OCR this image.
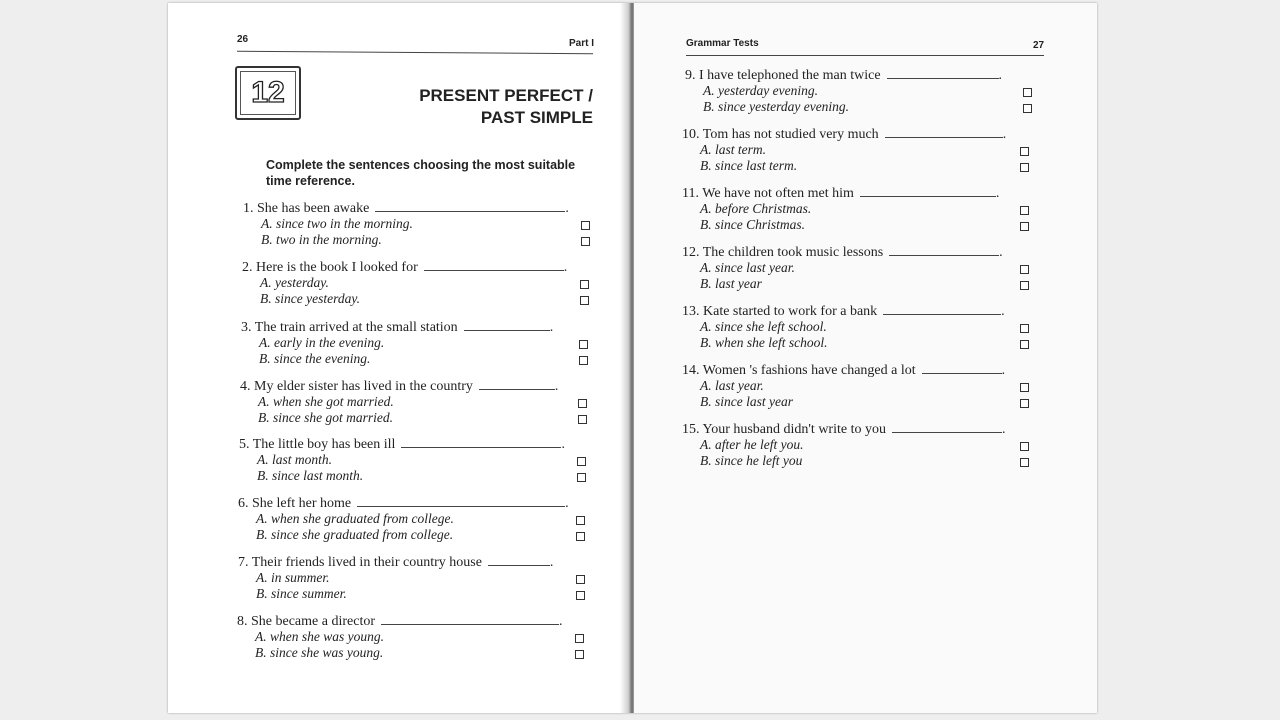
26	Part I
12	PRESENT PERFECT /
PAST SIMPLE
Complete the sentences choosing the most suitable time reference.
1. She has been awake	.
A. since two in the morning.
B. two in the morning.
2. Here is the book I looked for	.
A. yesterday.
B. since yesterday.
3. The train arrived at the small station	.
A. early in the evening.
B. since the evening.
4. My elder sister has lived in the country	.
A. when she got married.
B. since she got married.
5. The little boy has been ill	.
A. last month.
B. since last month.
6. She left her home	.
A. when she graduated from college.
B. since she graduated from college.
7. Their friends lived in their country house	.
A. in summer.
B. since summer.
8. She became a director	.
A. when she was young.
B. since she was young.
Grammar Tests	27
9. I have telephoned the man twice	.
A. yesterday evening.
B. since yesterday evening.
10. Tom has not studied very much	.
A. last term.
B. since last term.
11. We have not often met him	.
A. before Christmas.
B. since Christmas.
12. The children took music lessons	.
A. since last year.
B. last year
13. Kate started to work for a bank	.
A. since she left school.
B. when she left school.
14. Women 's fashions have changed a lot	.
A. last year.
B. since last year
15. Your husband didn't write to you	.
A. after he left you.
B. since he left you
